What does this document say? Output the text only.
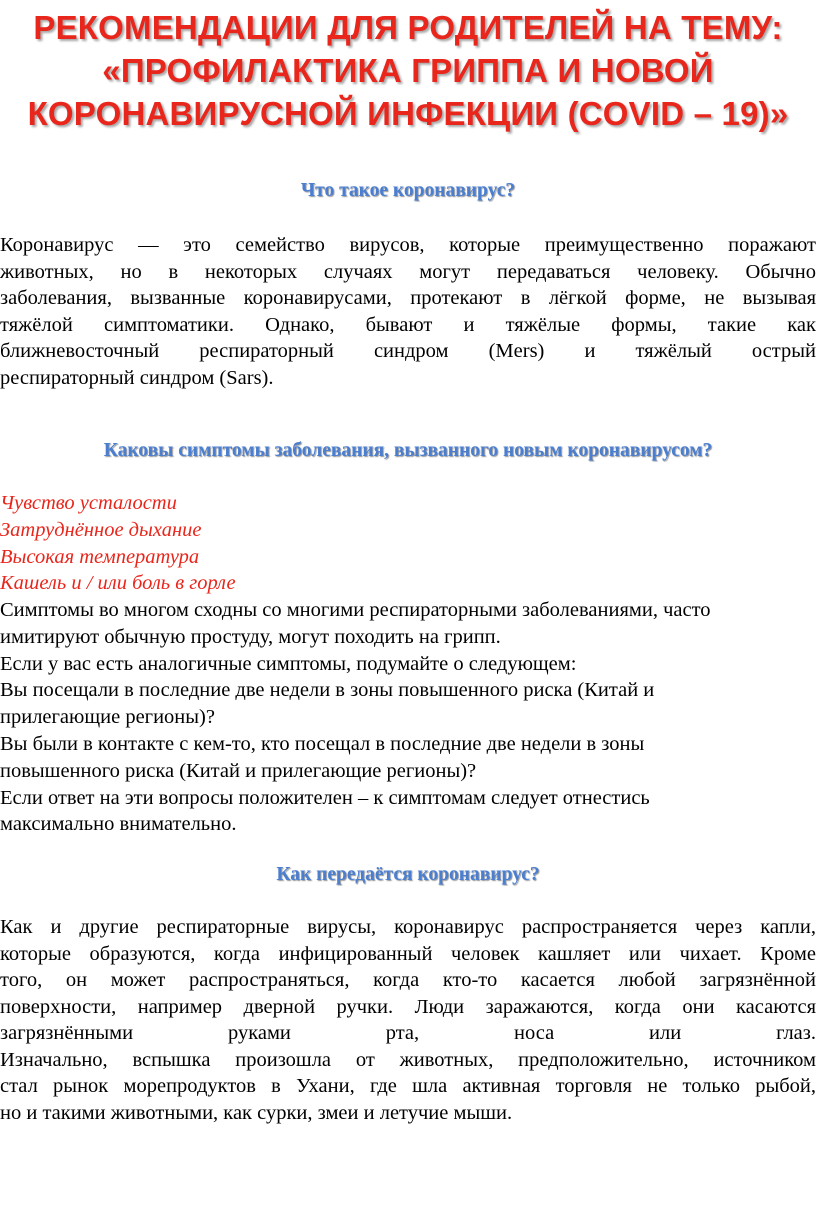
РЕКОМЕНДАЦИИ ДЛЯ РОДИТЕЛЕЙ НА ТЕМУ:
«ПРОФИЛАКТИКА ГРИППА И НОВОЙ
КОРОНАВИРУСНОЙ ИНФЕКЦИИ (COVID – 19)»
Что такое коронавирус?
Коронавирус — это семейство вирусов, которые преимущественно поражают
животных, но в некоторых случаях могут передаваться человеку. Обычно
заболевания, вызванные коронавирусами, протекают в лёгкой форме, не вызывая
тяжёлой симптоматики. Однако, бывают и тяжёлые формы, такие как
ближневосточный респираторный синдром (Mers) и тяжёлый острый
респираторный синдром (Sars).
Каковы симптомы заболевания, вызванного новым коронавирусом?
Чувство усталости
Затруднённое дыхание
Высокая температура
Кашель и / или боль в горле
Симптомы во многом сходны со многими респираторными заболеваниями, часто
имитируют обычную простуду, могут походить на грипп.
Если у вас есть аналогичные симптомы, подумайте о следующем:
Вы посещали в последние две недели в зоны повышенного риска (Китай и
прилегающие регионы)?
Вы были в контакте с кем-то, кто посещал в последние две недели в зоны
повышенного риска (Китай и прилегающие регионы)?
Если ответ на эти вопросы положителен – к симптомам следует отнестись
максимально внимательно.
Как передаётся коронавирус?
Как и другие респираторные вирусы, коронавирус распространяется через капли,
которые образуются, когда инфицированный человек кашляет или чихает. Кроме
того, он может распространяться, когда кто-то касается любой загрязнённой
поверхности, например дверной ручки. Люди заражаются, когда они касаются
загрязнёнными руками рта, носа или глаз.
Изначально, вспышка произошла от животных, предположительно, источником
стал рынок морепродуктов в Ухани, где шла активная торговля не только рыбой,
но и такими животными, как сурки, змеи и летучие мыши.
